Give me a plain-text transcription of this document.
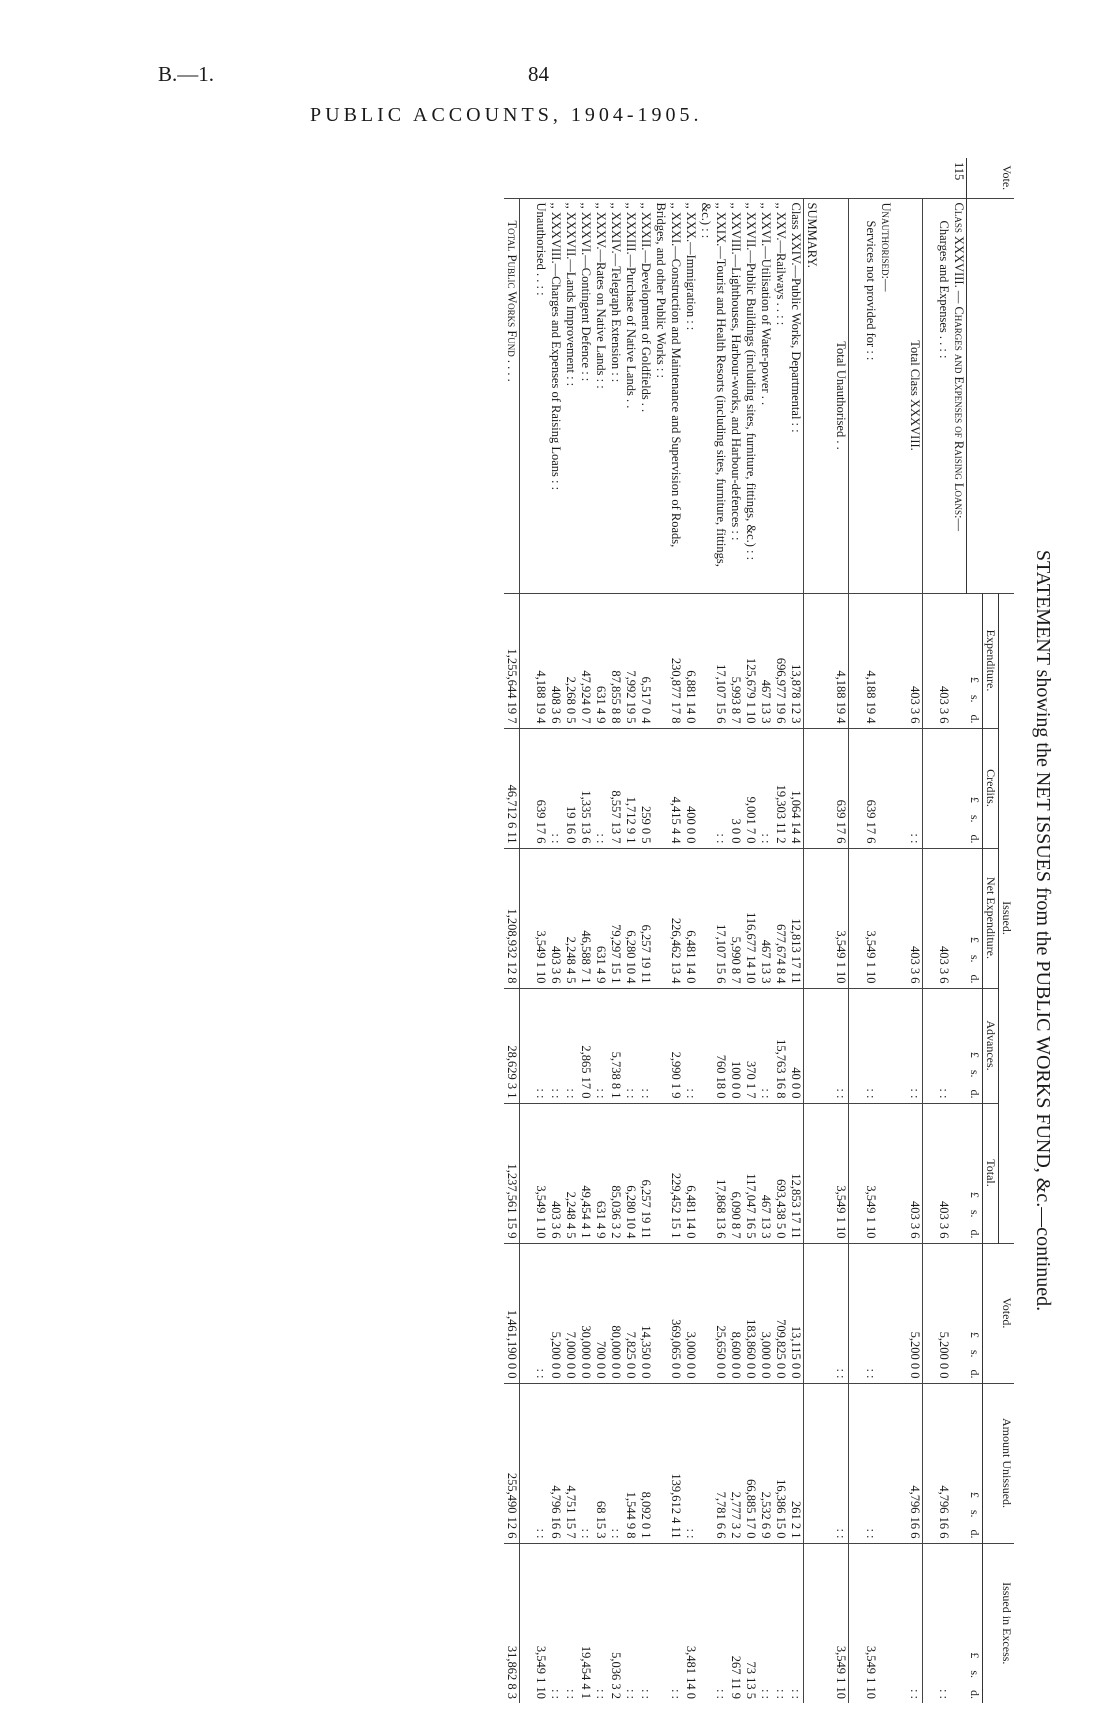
B.—1.	84
PUBLIC ACCOUNTS, 1904-1905.
STATEMENT showing the NET ISSUES from the PUBLIC WORKS FUND, &c.—continued.
Vote.		Issued.					Voted.	Amount Unissued.	Issued in Excess.
		Expenditure.	Credits.	Net Expenditure.	Advances.	Total.			
		£s.d.	£s.d.	£s.d.	£s.d.	£s.d.	£s.d.	£s.d.	£s.d.
115	Class XXXVIII. — Charges and Expenses of Raising Loans:—								
	Charges and Expenses . . : :	403 3 6		403 3 6	: :	403 3 6	5,200 0 0	4,796 16 6	: :

	Total Class XXXVIII.	403 3 6	: :	403 3 6	: :	403 3 6	5,200 0 0	4,796 16 6	: :

	Unauthorised:—								
	Services not provided for : :	4,188 19 4	639 17 6	3,549 1 10	: :	3,549 1 10	: :	: :	3,549 1 10

	Total Unauthorised . .	4,188 19 4	639 17 6	3,549 1 10	: :	3,549 1 10	: :	: :	3,549 1 10

	SUMMARY.								
	Class XXIV.—Public Works, Departmental : :	13,878 12 3	1,064 14 4	12,813 17 11	40 0 0	12,853 17 11	13,115 0 0	261 2 1	: :
	,, XXV.—Railways . . : :	696,977 19 6	19,303 11 2	677,674 8 4	15,763 16 8	693,438 5 0	709,825 0 0	16,386 15 0	: :
	,, XXVI.—Utilisation of Water-power . .	467 13 3	: :	467 13 3	: :	467 13 3	3,000 0 0	2,532 6 9	: :
	,, XXVII.—Public Buildings (including sites, furniture, fittings, &c.) : :	125,679 1 10	9,001 7 0	116,677 14 10	370 1 7	117,047 16 5	183,860 0 0	66,885 17 0	73 13 5
	,, XXVIII.—Lighthouses, Harbour-works, and Harbour-defences : :	5,993 8 7	3 0 0	5,990 8 7	100 0 0	6,090 8 7	8,600 0 0	2,777 3 2	267 11 9
	,, XXIX.—Tourist and Health Resorts (including sites, furniture, fittings, &c.) : :	17,107 15 6	: :	17,107 15 6	760 18 0	17,868 13 6	25,650 0 0	7,781 6 6	: :
	,, XXX.—Immigration : :	6,881 14 0	400 0 0	6,481 14 0	: :	6,481 14 0	3,000 0 0	: :	3,481 14 0
	,, XXXI.—Construction and Maintenance and Supervision of Roads, Bridges, and other Public Works : :	230,877 17 8	4,415 4 4	226,462 13 4	2,990 1 9	229,452 15 1	369,065 0 0	139,612 4 11	: :
	,, XXXII.—Development of Goldfields . .	6,517 0 4	259 0 5	6,257 19 11	: :	6,257 19 11	14,350 0 0	8,092 0 1	: :
	,, XXXIII.—Purchase of Native Lands . .	7,992 19 5	1,712 9 1	6,280 10 4	: :	6,280 10 4	7,825 0 0	1,544 9 8	: :
	,, XXXIV.—Telegraph Extension : :	87,855 8 8	8,557 13 7	79,297 15 1	5,738 8 1	85,036 3 2	80,000 0 0	: :	5,036 3 2
	,, XXXV.—Rates on Native Lands : :	631 4 9	: :	631 4 9	: :	631 4 9	700 0 0	68 15 3	: :
	,, XXXVI.—Contingent Defence : :	47,924 0 7	1,335 13 6	46,588 7 1	2,865 17 0	49,454 4 1	30,000 0 0	: :	19,454 4 1
	,, XXXVII.—Lands Improvement : :	2,268 0 5	19 16 0	2,248 4 5	: :	2,248 4 5	7,000 0 0	4,751 15 7	: :
	,, XXXVIII.—Charges and Expenses of Raising Loans : :	408 3 6	: :	403 3 6	: :	403 3 6	5,200 0 0	4,796 16 6	: :
	Unauthorised . . : :	4,188 19 4	639 17 6	3,549 1 10	: :	3,549 1 10	: :	: :	3,549 1 10

	Total Public Works Fund . . . .	1,255,644 19 7	46,712 6 11	1,208,932 12 8	28,629 3 1	1,237,561 15 9	1,461,190 0 0	255,490 12 6	31,862 8 3
